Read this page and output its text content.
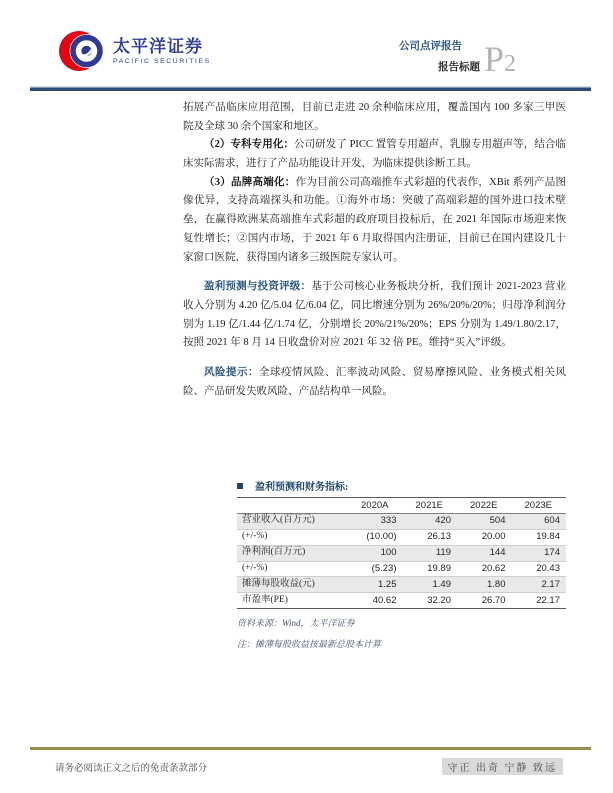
太平洋证券
PACIFIC SECURITIES
公司点评报告
报告标题 P2

拓展产品临床应用范围，目前已走进 20 余种临床应用，覆盖国内 100 多家三甲医院及全球 30 余个国家和地区。

（2）专科专用化：公司研发了 PICC 置管专用超声、乳腺专用超声等，结合临床实际需求，进行了产品功能设计开发，为临床提供诊断工具。

（3）品牌高端化：作为目前公司高端推车式彩超的代表作，XBit 系列产品图像优异，支持高端探头和功能。①海外市场：突破了高端彩超的国外进口技术壁垒，在赢得欧洲某高端推车式彩超的政府项目投标后，在 2021 年国际市场迎来恢复性增长；②国内市场，于 2021 年 6 月取得国内注册证，目前已在国内建设几十家窗口医院，获得国内诸多三级医院专家认可。

盈利预测与投资评级：基于公司核心业务板块分析，我们预计 2021-2023 营业收入分别为 4.20 亿/5.04 亿/6.04 亿，同比增速分别为 26%/20%/20%；归母净利润分别为 1.19 亿/1.44 亿/1.74 亿，分别增长 20%/21%/20%；EPS 分别为 1.49/1.80/2.17，按照 2021 年 8 月 14 日收盘价对应 2021 年 32 倍 PE。维持“买入”评级。

风险提示：全球疫情风险、汇率波动风险、贸易摩擦风险、业务模式相关风险、产品研发失败风险、产品结构单一风险。

盈利预测和财务指标:
	2020A	2021E	2022E	2023E
营业收入(百万元)	333	420	504	604
(+/-%)	(10.00)	26.13	20.00	19.84
净利润(百万元)	100	119	144	174
(+/-%)	(5.23)	19.89	20.62	20.43
摊薄每股收益(元)	1.25	1.49	1.80	2.17
市盈率(PE)	40.62	32.20	26.70	22.17

资料来源：Wind，太平洋证券

注：摊薄每股收益按最新总股本计算

请务必阅读正文之后的免责条款部分	守正 出奇 宁静 致远
